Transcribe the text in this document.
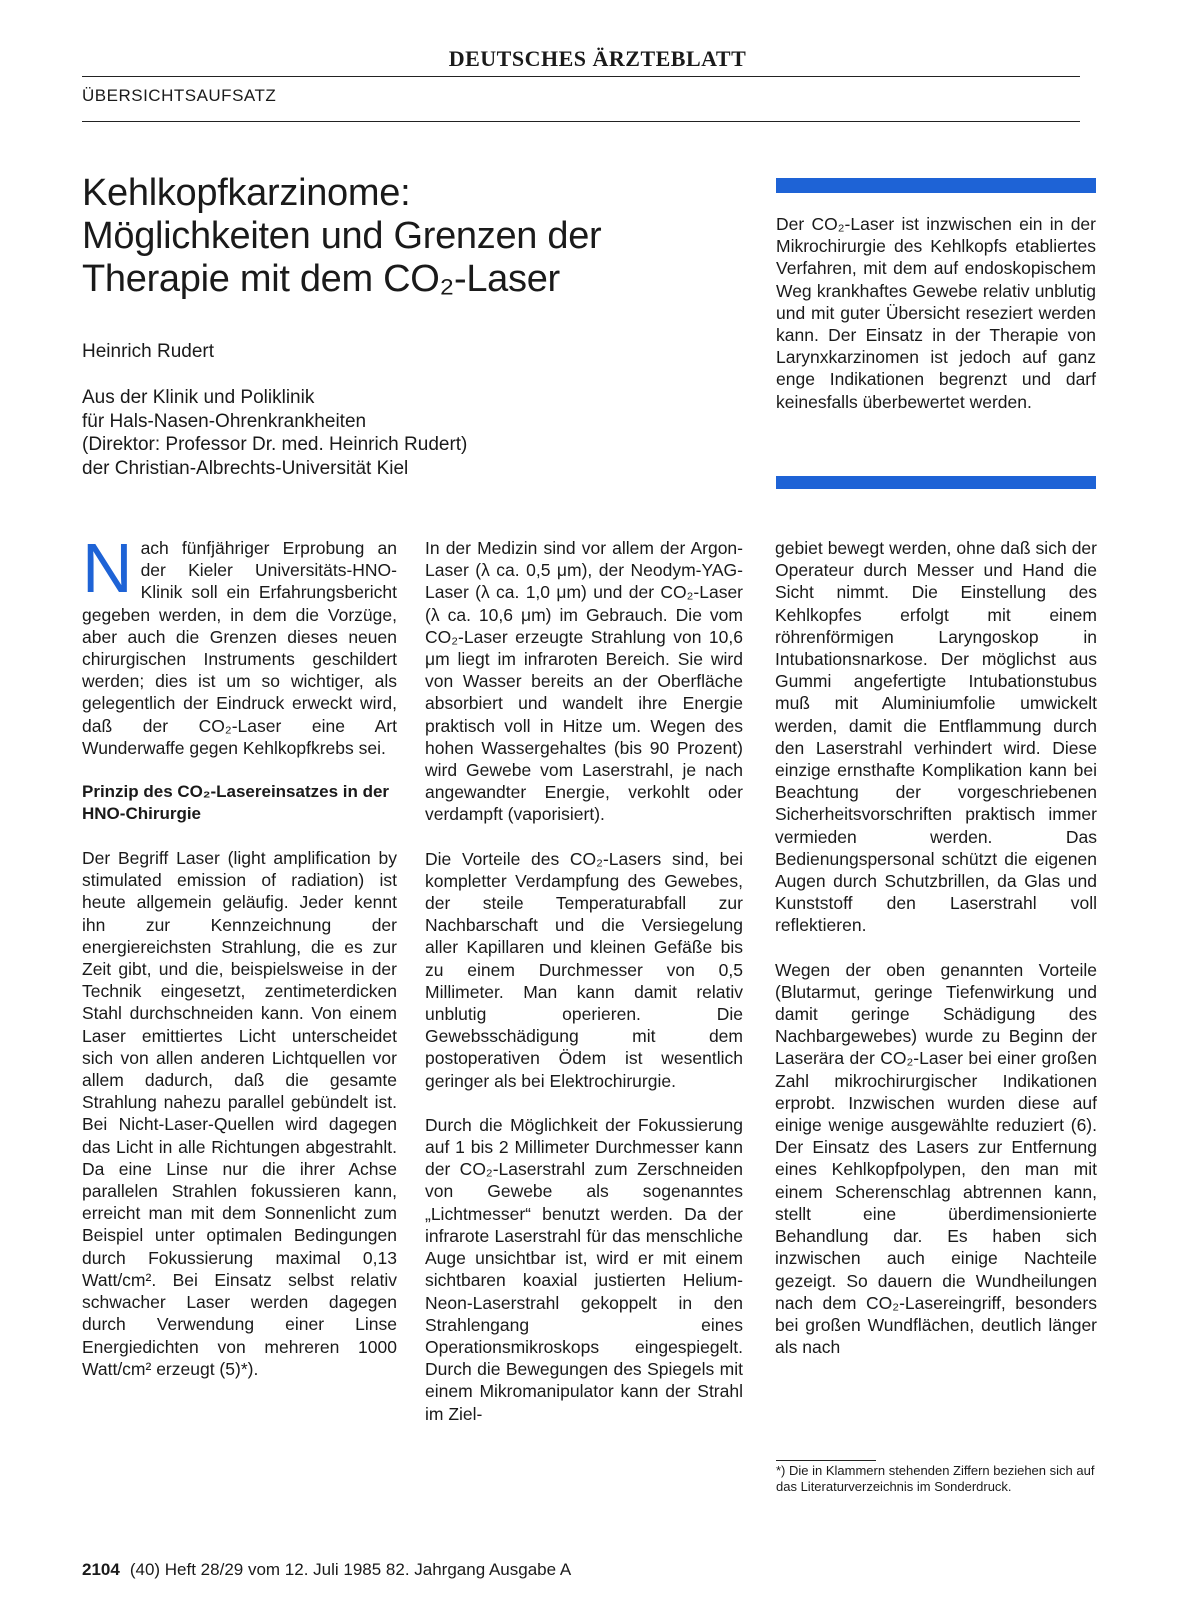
DEUTSCHES ÄRZTEBLATT
ÜBERSICHTSAUFSATZ
Kehlkopfkarzinome:
Möglichkeiten und Grenzen der
Therapie mit dem CO₂-Laser
Heinrich Rudert
Aus der Klinik und Poliklinik
für Hals-Nasen-Ohrenkrankheiten
(Direktor: Professor Dr. med. Heinrich Rudert)
der Christian-Albrechts-Universität Kiel

Der CO₂-Laser ist inzwischen ein in der Mikrochirurgie des Kehlkopfs etabliertes Verfahren, mit dem auf endoskopischem Weg krankhaftes Gewebe relativ unblutig und mit guter Übersicht reseziert werden kann. Der Einsatz in der Therapie von Larynxkarzinomen ist jedoch auf ganz enge Indikationen begrenzt und darf keinesfalls überbewertet werden.

Nach fünfjähriger Erprobung an der Kieler Universitäts-HNO-Klinik soll ein Erfahrungsbericht gegeben werden, in dem die Vorzüge, aber auch die Grenzen dieses neuen chirurgischen Instruments geschildert werden; dies ist um so wichtiger, als gelegentlich der Eindruck erweckt wird, daß der CO₂-Laser eine Art Wunderwaffe gegen Kehlkopfkrebs sei.

Prinzip des CO₂-Lasereinsatzes in der HNO-Chirurgie

Der Begriff Laser (light amplification by stimulated emission of radiation) ist heute allgemein geläufig. Jeder kennt ihn zur Kennzeichnung der energiereichsten Strahlung, die es zur Zeit gibt, und die, beispielsweise in der Technik eingesetzt, zentimeterdicken Stahl durchschneiden kann. Von einem Laser emittiertes Licht unterscheidet sich von allen anderen Lichtquellen vor allem dadurch, daß die gesamte Strahlung nahezu parallel gebündelt ist. Bei Nicht-Laser-Quellen wird dagegen das Licht in alle Richtungen abgestrahlt. Da eine Linse nur die ihrer Achse parallelen Strahlen fokussieren kann, erreicht man mit dem Sonnenlicht zum Beispiel unter optimalen Bedingungen durch Fokussierung maximal 0,13 Watt/cm². Bei Einsatz selbst relativ schwacher Laser werden dagegen durch Verwendung einer Linse Energiedichten von mehreren 1000 Watt/cm² erzeugt (5)*).

In der Medizin sind vor allem der Argon-Laser (λ ca. 0,5 μm), der Neodym-YAG-Laser (λ ca. 1,0 μm) und der CO₂-Laser (λ ca. 10,6 μm) im Gebrauch. Die vom CO₂-Laser erzeugte Strahlung von 10,6 μm liegt im infraroten Bereich. Sie wird von Wasser bereits an der Oberfläche absorbiert und wandelt ihre Energie praktisch voll in Hitze um. Wegen des hohen Wassergehaltes (bis 90 Prozent) wird Gewebe vom Laserstrahl, je nach angewandter Energie, verkohlt oder verdampft (vaporisiert).

Die Vorteile des CO₂-Lasers sind, bei kompletter Verdampfung des Gewebes, der steile Temperaturabfall zur Nachbarschaft und die Versiegelung aller Kapillaren und kleinen Gefäße bis zu einem Durchmesser von 0,5 Millimeter. Man kann damit relativ unblutig operieren. Die Gewebsschädigung mit dem postoperativen Ödem ist wesentlich geringer als bei Elektrochirurgie.

Durch die Möglichkeit der Fokussierung auf 1 bis 2 Millimeter Durchmesser kann der CO₂-Laserstrahl zum Zerschneiden von Gewebe als sogenanntes „Lichtmesser“ benutzt werden. Da der infrarote Laserstrahl für das menschliche Auge unsichtbar ist, wird er mit einem sichtbaren koaxial justierten Helium-Neon-Laserstrahl gekoppelt in den Strahlengang eines Operationsmikroskops eingespiegelt. Durch die Bewegungen des Spiegels mit einem Mikromanipulator kann der Strahl im Ziel-

gebiet bewegt werden, ohne daß sich der Operateur durch Messer und Hand die Sicht nimmt. Die Einstellung des Kehlkopfes erfolgt mit einem röhrenförmigen Laryngoskop in Intubationsnarkose. Der möglichst aus Gummi angefertigte Intubationstubus muß mit Aluminiumfolie umwickelt werden, damit die Entflammung durch den Laserstrahl verhindert wird. Diese einzige ernsthafte Komplikation kann bei Beachtung der vorgeschriebenen Sicherheitsvorschriften praktisch immer vermieden werden. Das Bedienungspersonal schützt die eigenen Augen durch Schutzbrillen, da Glas und Kunststoff den Laserstrahl voll reflektieren.

Wegen der oben genannten Vorteile (Blutarmut, geringe Tiefenwirkung und damit geringe Schädigung des Nachbargewebes) wurde zu Beginn der Laserära der CO₂-Laser bei einer großen Zahl mikrochirurgischer Indikationen erprobt. Inzwischen wurden diese auf einige wenige ausgewählte reduziert (6). Der Einsatz des Lasers zur Entfernung eines Kehlkopfpolypen, den man mit einem Scherenschlag abtrennen kann, stellt eine überdimensionierte Behandlung dar. Es haben sich inzwischen auch einige Nachteile gezeigt. So dauern die Wundheilungen nach dem CO₂-Lasereingriff, besonders bei großen Wundflächen, deutlich länger als nach

*) Die in Klammern stehenden Ziffern beziehen sich auf das Literaturverzeichnis im Sonderdruck.
2104 (40) Heft 28/29 vom 12. Juli 1985 82. Jahrgang Ausgabe A
